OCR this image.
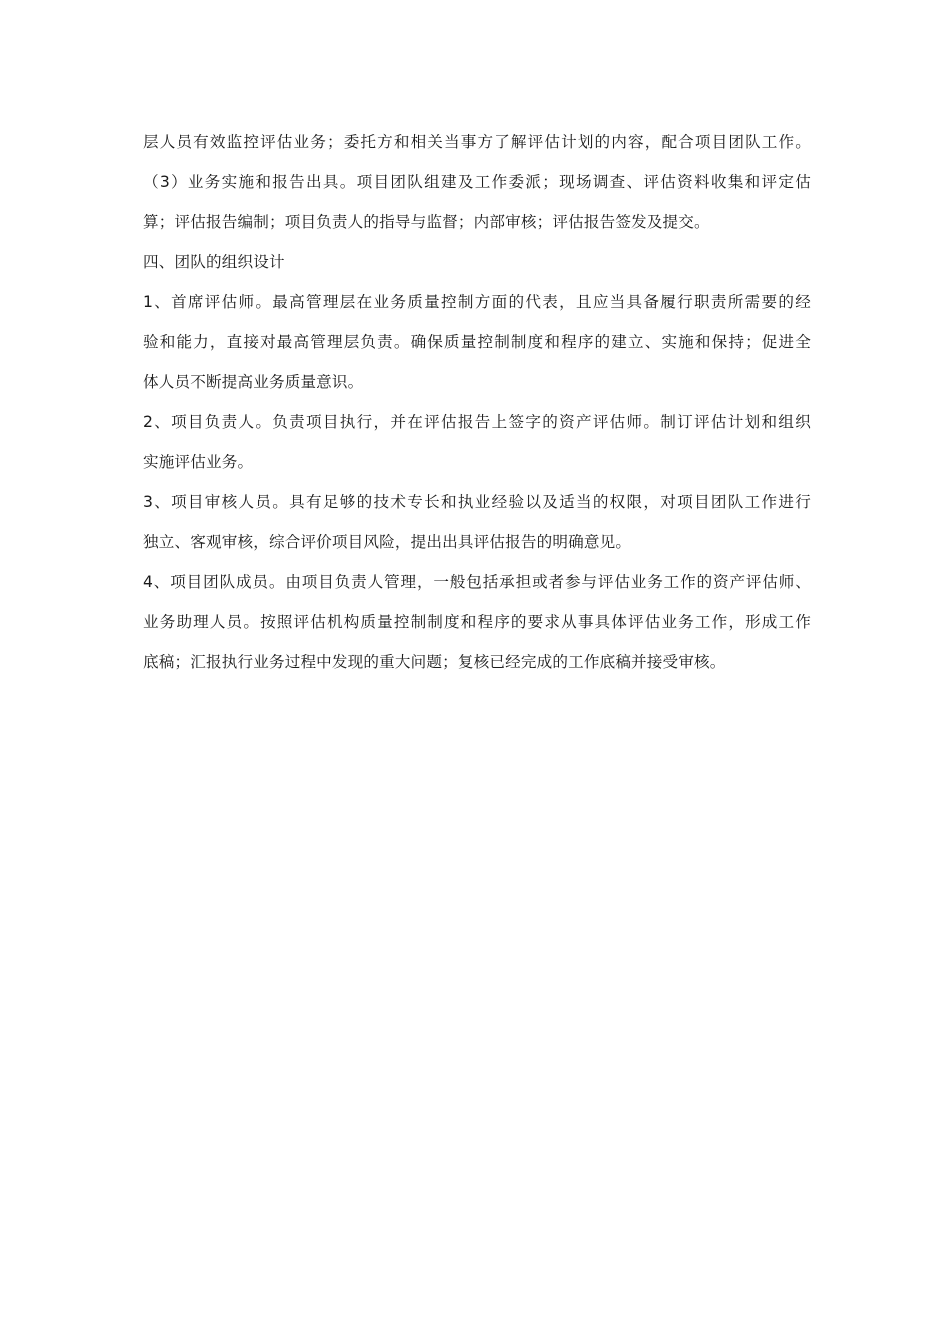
层人员有效监控评估业务；委托方和相关当事方了解评估计划的内容，配合项目团队工作。
（3）业务实施和报告出具。项目团队组建及工作委派；现场调查、评估资料收集和评定估
算；评估报告编制；项目负责人的指导与监督；内部审核；评估报告签发及提交。
四、团队的组织设计
1、首席评估师。最高管理层在业务质量控制方面的代表，且应当具备履行职责所需要的经
验和能力，直接对最高管理层负责。确保质量控制制度和程序的建立、实施和保持；促进全
体人员不断提高业务质量意识。
2、项目负责人。负责项目执行，并在评估报告上签字的资产评估师。制订评估计划和组织
实施评估业务。
3、项目审核人员。具有足够的技术专长和执业经验以及适当的权限，对项目团队工作进行
独立、客观审核，综合评价项目风险，提出出具评估报告的明确意见。
4、项目团队成员。由项目负责人管理，一般包括承担或者参与评估业务工作的资产评估师、
业务助理人员。按照评估机构质量控制制度和程序的要求从事具体评估业务工作，形成工作
底稿；汇报执行业务过程中发现的重大问题；复核已经完成的工作底稿并接受审核。
